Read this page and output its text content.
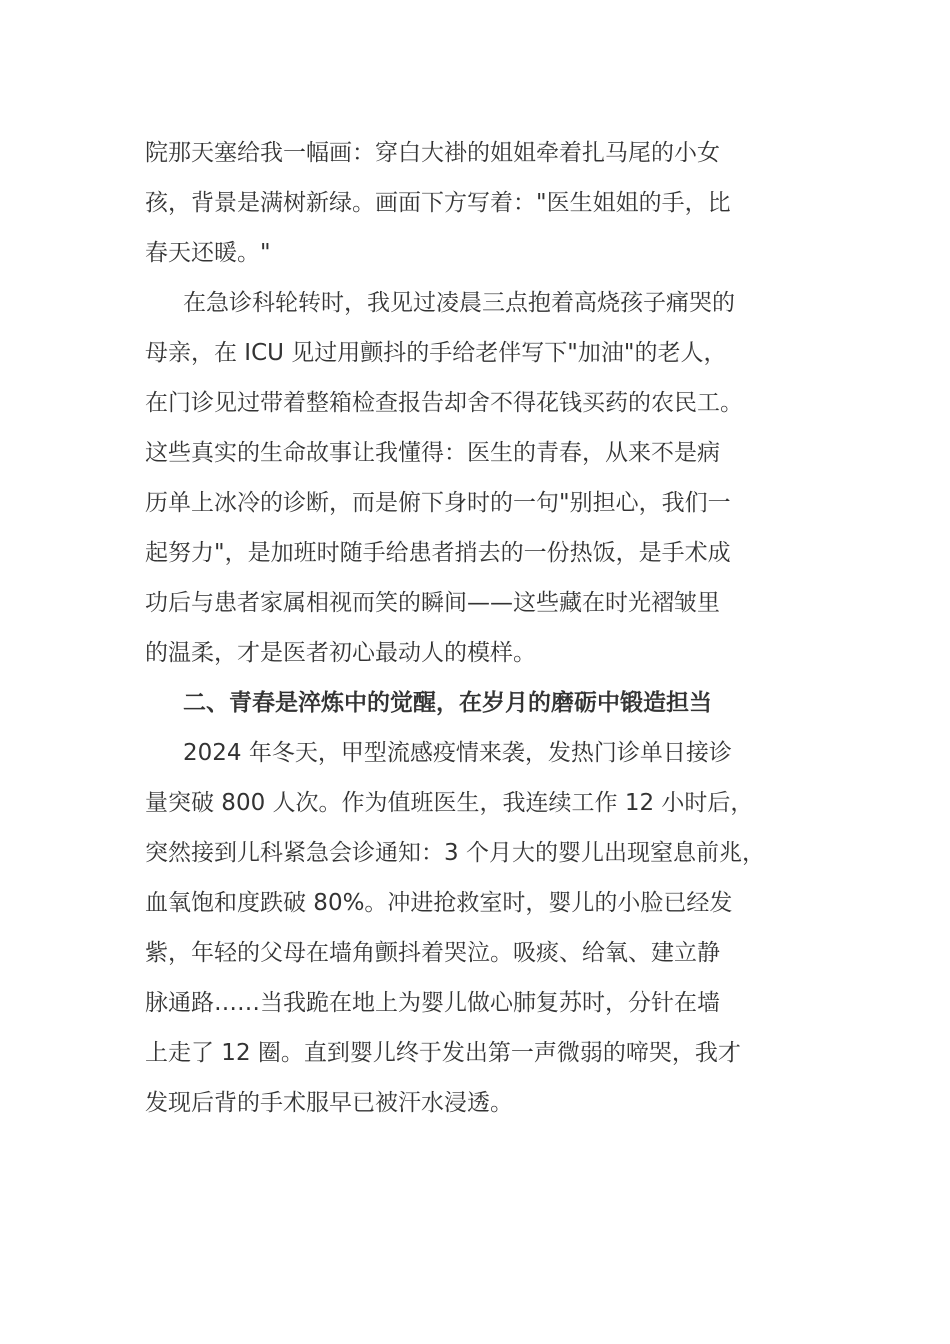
院那天塞给我一幅画：穿白大褂的姐姐牵着扎马尾的小女
孩，背景是满树新绿。画面下方写着："医生姐姐的手，比
春天还暖。"
在急诊科轮转时，我见过凌晨三点抱着高烧孩子痛哭的
母亲，在 ICU 见过用颤抖的手给老伴写下"加油"的老人，
在门诊见过带着整箱检查报告却舍不得花钱买药的农民工。
这些真实的生命故事让我懂得：医生的青春，从来不是病
历单上冰冷的诊断，而是俯下身时的一句"别担心，我们一
起努力"，是加班时随手给患者捎去的一份热饭，是手术成
功后与患者家属相视而笑的瞬间——这些藏在时光褶皱里
的温柔，才是医者初心最动人的模样。
二、青春是淬炼中的觉醒，在岁月的磨砺中锻造担当
2024 年冬天，甲型流感疫情来袭，发热门诊单日接诊
量突破 800 人次。作为值班医生，我连续工作 12 小时后，
突然接到儿科紧急会诊通知：3 个月大的婴儿出现窒息前兆，
血氧饱和度跌破 80%。冲进抢救室时，婴儿的小脸已经发
紫，年轻的父母在墙角颤抖着哭泣。吸痰、给氧、建立静
脉通路……当我跪在地上为婴儿做心肺复苏时，分针在墙
上走了 12 圈。直到婴儿终于发出第一声微弱的啼哭，我才
发现后背的手术服早已被汗水浸透。
